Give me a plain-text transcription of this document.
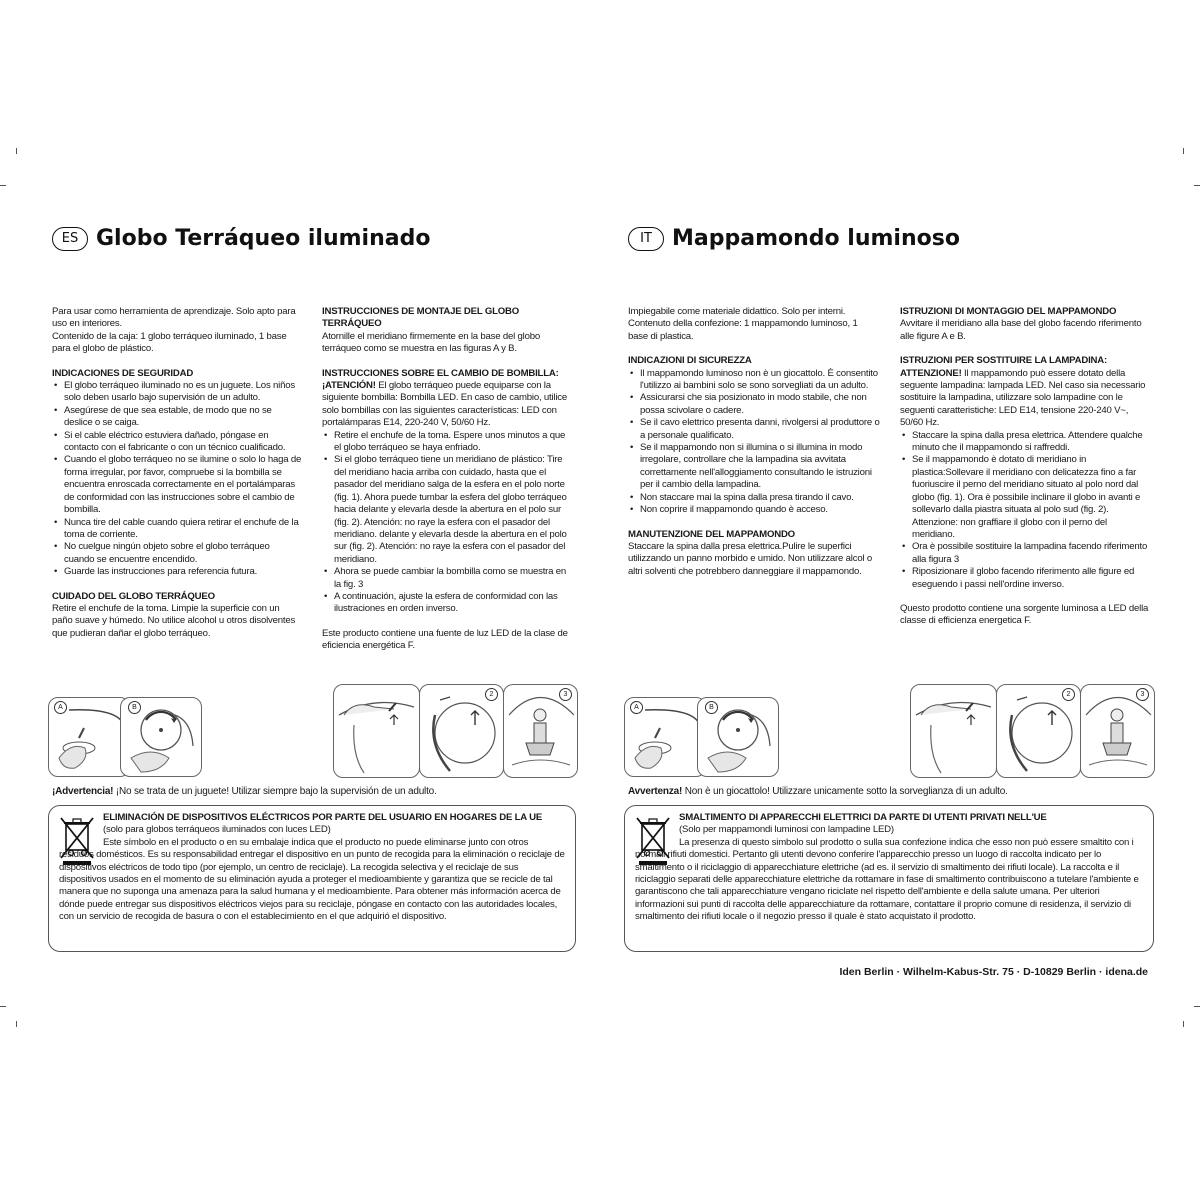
ES Globo Terráqueo iluminado

Para usar como herramienta de aprendizaje. Solo apto para uso en interiores.

Contenido de la caja: 1 globo terráqueo iluminado, 1 base para el globo de plástico.

INDICACIONES DE SEGURIDAD
• El globo terráqueo iluminado no es un juguete. Los niños solo deben usarlo bajo supervisión de un adulto.
• Asegúrese de que sea estable, de modo que no se deslice o se caiga.
• Si el cable eléctrico estuviera dañado, póngase en contacto con el fabricante o con un técnico cualificado.
• Cuando el globo terráqueo no se ilumine o solo lo haga de forma irregular, por favor, compruebe si la bombilla se encuentra enroscada correctamente en el portalámparas de conformidad con las instrucciones sobre el cambio de bombilla.
• Nunca tire del cable cuando quiera retirar el enchufe de la toma de corriente.
• No cuelgue ningún objeto sobre el globo terráqueo cuando se encuentre encendido.
• Guarde las instrucciones para referencia futura.
CUIDADO DEL GLOBO TERRÁQUEO

Retire el enchufe de la toma. Limpie la superficie con un paño suave y húmedo. No utilice alcohol u otros disolventes que pudieran dañar el globo terráqueo.

INSTRUCCIONES DE MONTAJE DEL GLOBO TERRÁQUEO

Atornille el meridiano firmemente en la base del globo terráqueo como se muestra en las figuras A y B.

INSTRUCCIONES SOBRE EL CAMBIO DE BOMBILLA:

¡ATENCIÓN! El globo terráqueo puede equiparse con la siguiente bombilla: Bombilla LED. En caso de cambio, utilice solo bombillas con las siguientes características: LED con portalámparas E14, 220-240 V, 50/60 Hz.

• Retire el enchufe de la toma. Espere unos minutos a que el globo terráqueo se haya enfriado.
• Si el globo terráqueo tiene un meridiano de plástico: Tire del meridiano hacia arriba con cuidado, hasta que el pasador del meridiano salga de la esfera en el polo norte (fig. 1). Ahora puede tumbar la esfera del globo terráqueo hacia delante y elevarla desde la abertura en el polo sur (fig. 2). Atención: no raye la esfera con el pasador del meridiano. delante y elevarla desde la abertura en el polo sur (fig. 2). Atención: no raye la esfera con el pasador del meridiano.
• Ahora se puede cambiar la bombilla como se muestra en la fig. 3
• A continuación, ajuste la esfera de conformidad con las ilustraciones en orden inverso.

Este producto contiene una fuente de luz LED de la clase de eficiencia energética F.

A	B
2	3
¡Advertencia! ¡No se trata de un juguete! Utilizar siempre bajo la supervisión de un adulto.
ELIMINACIÓN DE DISPOSITIVOS ELÉCTRICOS POR PARTE DEL USUARIO EN HOGARES DE LA UE

(solo para globos terráqueos iluminados con luces LED)

Este símbolo en el producto o en su embalaje indica que el producto no puede eliminarse junto con otros residuos domésticos. Es su responsabilidad entregar el dispositivo en un punto de recogida para la eliminación o reciclaje de dispositivos eléctricos de todo tipo (por ejemplo, un centro de reciclaje). La recogida selectiva y el reciclaje de sus dispositivos usados en el momento de su eliminación ayuda a proteger el medioambiente y garantiza que se recicle de tal manera que no suponga una amenaza para la salud humana y el medioambiente. Para obtener más información acerca de dónde puede entregar sus dispositivos eléctricos viejos para su reciclaje, póngase en contacto con las autoridades locales, con un servicio de recogida de basura o con el establecimiento en el que adquirió el dispositivo.

IT Mappamondo luminoso

Impiegabile come materiale didattico. Solo per interni.

Contenuto della confezione: 1 mappamondo luminoso, 1 base di plastica.

INDICAZIONI DI SICUREZZA
• Il mappamondo luminoso non è un giocattolo. È consentito l'utilizzo ai bambini solo se sono sorvegliati da un adulto.
• Assicurarsi che sia posizionato in modo stabile, che non possa scivolare o cadere.
• Se il cavo elettrico presenta danni, rivolgersi al produttore o a personale qualificato.
• Se il mappamondo non si illumina o si illumina in modo irregolare, controllare che la lampadina sia avvitata correttamente nell'alloggiamento consultando le istruzioni per il cambio della lampadina.
• Non staccare mai la spina dalla presa tirando il cavo.
• Non coprire il mappamondo quando è acceso.
MANUTENZIONE DEL MAPPAMONDO

Staccare la spina dalla presa elettrica.Pulire le superfici utilizzando un panno morbido e umido. Non utilizzare alcol o altri solventi che potrebbero danneggiare il mappamondo.

ISTRUZIONI DI MONTAGGIO DEL MAPPAMONDO

Avvitare il meridiano alla base del globo facendo riferimento alle figure A e B.

ISTRUZIONI PER SOSTITUIRE LA LAMPADINA:

ATTENZIONE! Il mappamondo può essere dotato della seguente lampadina: lampada LED. Nel caso sia necessario sostituire la lampadina, utilizzare solo lampadine con le seguenti caratteristiche: LED E14, tensione 220-240 V~, 50/60 Hz.

• Staccare la spina dalla presa elettrica. Attendere qualche minuto che il mappamondo si raffreddi.
• Se il mappamondo è dotato di meridiano in plastica:Sollevare il meridiano con delicatezza fino a far fuoriuscire il perno del meridiano situato al polo nord dal globo (fig. 1). Ora è possibile inclinare il globo in avanti e sollevarlo dalla piastra situata al polo sud (fig. 2). Attenzione: non graffiare il globo con il perno del meridiano.
• Ora è possibile sostituire la lampadina facendo riferimento alla figura 3
• Riposizionare il globo facendo riferimento alle figure ed eseguendo i passi nell'ordine inverso.

Questo prodotto contiene una sorgente luminosa a LED della classe di efficienza energetica F.

A	B
2	3
Avvertenza! Non è un giocattolo! Utilizzare unicamente sotto la sorveglianza di un adulto.
SMALTIMENTO DI APPARECCHI ELETTRICI DA PARTE DI UTENTI PRIVATI NELL'UE

(Solo per mappamondi luminosi con lampadine LED)

La presenza di questo simbolo sul prodotto o sulla sua confezione indica che esso non può essere smaltito con i normali rifiuti domestici. Pertanto gli utenti devono conferire l'apparecchio presso un luogo di raccolta indicato per lo smaltimento o il riciclaggio di apparecchiature elettriche (ad es. il servizio di smaltimento dei rifiuti locale). La raccolta e il riciclaggio separati delle apparecchiature elettriche da rottamare in fase di smaltimento contribuiscono a tutelare l'ambiente e garantiscono che tali apparecchiature vengano riciclate nel rispetto dell'ambiente e della salute umana. Per ulteriori informazioni sui punti di raccolta delle apparecchiature da rottamare, contattare il proprio comune di residenza, il servizio di smaltimento dei rifiuti locale o il negozio presso il quale è stato acquistato il prodotto.

Iden Berlin · Wilhelm-Kabus-Str. 75 · D-10829 Berlin · idena.de
